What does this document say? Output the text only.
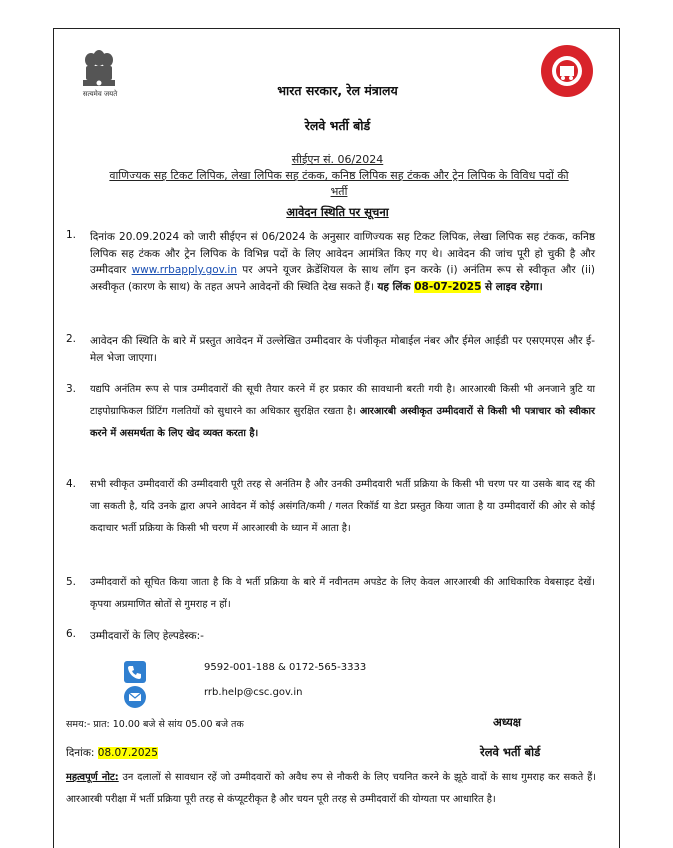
सत्यमेव जयते	भारत सरकार, रेल मंत्रालय
रेलवे भर्ती बोर्ड
सीईएन सं. 06/2024
वाणिज्यक सह टिकट लिपिक, लेखा लिपिक सह टंकक, कनिष्ठ लिपिक सह टंकक और ट्रेन लिपिक के विविध पदों की भर्ती
आवेदन स्थिति पर सूचना
1. दिनांक 20.09.2024 को जारी सीईएन सं 06/2024 के अनुसार वाणिज्यक सह टिकट लिपिक, लेखा लिपिक सह टंकक, कनिष्ठ लिपिक सह टंकक और ट्रेन लिपिक के विभिन्न पदों के लिए आवेदन आमंत्रित किए गए थे। आवेदन की जांच पूरी हो चुकी है और उम्मीदवार www.rrbapply.gov.in पर अपने यूजर क्रेडेंशियल के साथ लॉग इन करके (i) अनंतिम रूप से स्वीकृत और (ii) अस्वीकृत (कारण के साथ) के तहत अपने आवेदनों की स्थिति देख सकते हैं। यह लिंक 08-07-2025 से लाइव रहेगा।
2. आवेदन की स्थिति के बारे में प्रस्तुत आवेदन में उल्लेखित उम्मीदवार के पंजीकृत मोबाईल नंबर और ईमेल आईडी पर एसएमएस और ई-मेल भेजा जाएगा।
3. यद्यपि अनंतिम रूप से पात्र उम्मीदवारों की सूची तैयार करने में हर प्रकार की सावधानी बरती गयी है। आरआरबी किसी भी अनजाने त्रुटि या टाइपोग्राफिकल प्रिंटिंग गलतियों को सुधारने का अधिकार सुरक्षित रखता है। आरआरबी अस्वीकृत उम्मीदवारों से किसी भी पत्राचार को स्वीकार करने में असमर्थता के लिए खेद व्यक्त करता है।
4. सभी स्वीकृत उम्मीदवारों की उम्मीदवारी पूरी तरह से अनंतिम है और उनकी उम्मीदवारी भर्ती प्रक्रिया के किसी भी चरण पर या उसके बाद रद्द की जा सकती है, यदि उनके द्वारा अपने आवेदन में कोई असंगति/कमी / गलत रिकॉर्ड या डेटा प्रस्तुत किया जाता है या उम्मीदवारों की ओर से कोई कदाचार भर्ती प्रक्रिया के किसी भी चरण में आरआरबी के ध्यान में आता है।
5. उम्मीदवारों को सूचित किया जाता है कि वे भर्ती प्रक्रिया के बारे में नवीनतम अपडेट के लिए केवल आरआरबी की आधिकारिक वेबसाइट देखें। कृपया अप्रमाणित स्रोतों से गुमराह न हों।
6. उम्मीदवारों के लिए हेल्पडेस्क:-
9592-001-188 & 0172-565-3333
rrb.help@csc.gov.in
समय:- प्रात: 10.00 बजे से सांय 05.00 बजे तक	अध्यक्ष
दिनांक: 08.07.2025	रेलवे भर्ती बोर्ड
महत्वपूर्ण नोट: उन दलालों से सावधान रहें जो उम्मीदवारों को अवैध रुप से नौकरी के लिए चयनित करने के झूठे वादों के साथ गुमराह कर सकते हैं। आरआरबी परीक्षा में भर्ती प्रक्रिया पूरी तरह से कंप्यूटरीकृत है और चयन पूरी तरह से उम्मीदवारों की योग्यता पर आधारित है।
